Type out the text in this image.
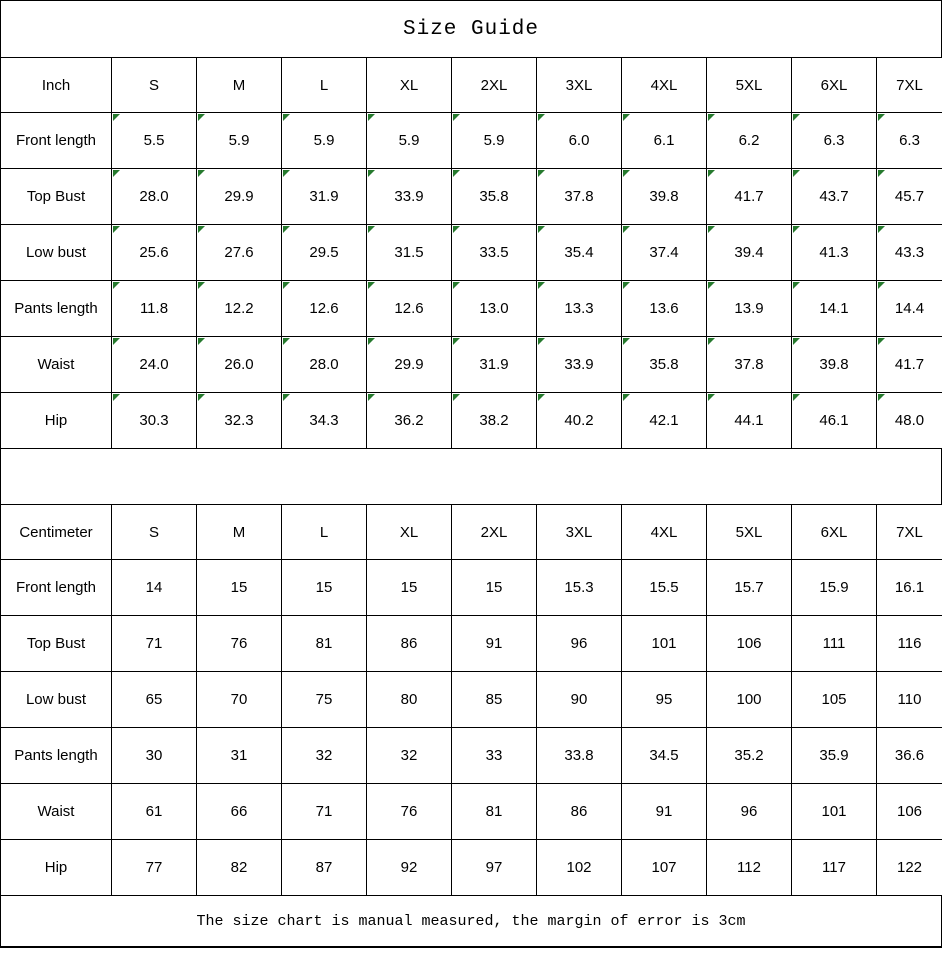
Size Guide
Inch	S	M	L	XL	2XL	3XL	4XL	5XL	6XL	7XL
Front length	5.5	5.9	5.9	5.9	5.9	6.0	6.1	6.2	6.3	6.3

Top Bust	28.0	29.9	31.9	33.9	35.8	37.8	39.8	41.7	43.7	45.7

Low bust	25.6	27.6	29.5	31.5	33.5	35.4	37.4	39.4	41.3	43.3

Pants length	11.8	12.2	12.6	12.6	13.0	13.3	13.6	13.9	14.1	14.4

Waist	24.0	26.0	28.0	29.9	31.9	33.9	35.8	37.8	39.8	41.7

Hip	30.3	32.3	34.3	36.2	38.2	40.2	42.1	44.1	46.1	48.0
Centimeter	S	M	L	XL	2XL	3XL	4XL	5XL	6XL	7XL
Front length	14	15	15	15	15	15.3	15.5	15.7	15.9	16.1
Top Bust	71	76	81	86	91	96	101	106	111	116
Low bust	65	70	75	80	85	90	95	100	105	110
Pants length	30	31	32	32	33	33.8	34.5	35.2	35.9	36.6
Waist	61	66	71	76	81	86	91	96	101	106
Hip	77	82	87	92	97	102	107	112	117	122
The size chart is manual measured, the margin of error is 3cm
